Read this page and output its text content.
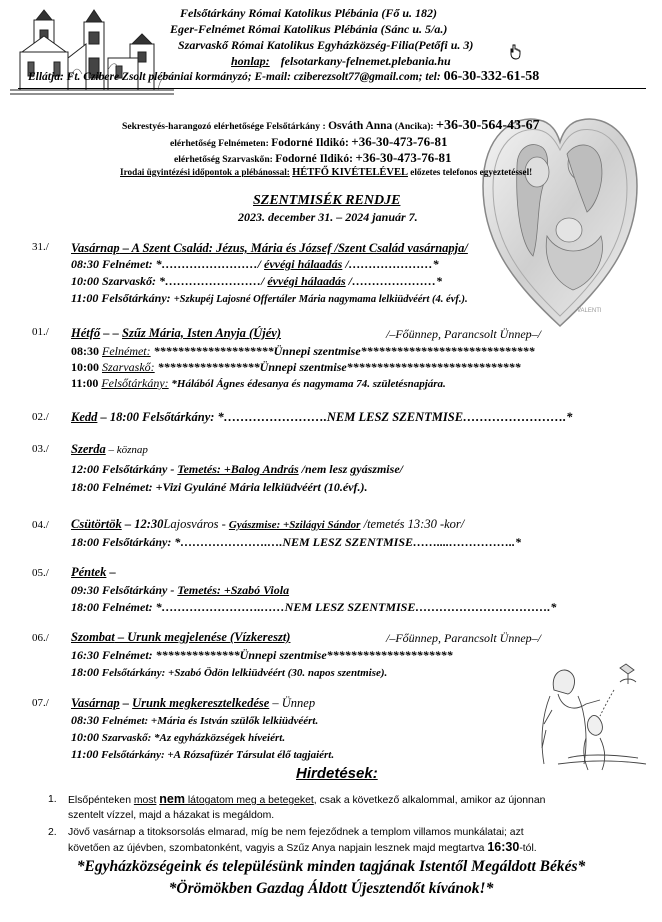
Felsőtárkány Római Katolikus Plébánia (Fő u. 182)
Eger-Felnémet Római Katolikus Plébánia (Sánc u. 5/a.)
Szarvaskő Római Katolikus Egyházközség-Filia(Petőfi u. 3)
honlap: felsotarkany-felnemet.plebania.hu
Ellátja: Ft. Czibere Zsolt plébániai kormányzó; E-mail: cziberezsolt77@gmail.com; tel: 06-30-332-61-58
VALENTI
Sekrestyés-harangozó elérhetősége Felsőtárkány : Osváth Anna (Ancika): +36-30-564-43-67
elérhetőség Felnémeten: Fodorné Ildikó: +36-30-473-76-81
elérhetőség Szarvaskőn: Fodorné Ildikó: +36-30-473-76-81
Irodai ügyintézési időpontok a plébánossal: HÉTFŐ KIVÉTELÉVEL előzetes telefonos egyeztetéssel!
SZENTMISÉK RENDJE
2023. december 31. – 2024 január 7.
31./ Vasárnap – A Szent Család: Jézus, Mária és József /Szent Család vasárnapja/
08:30 Felnémet: *……………………/ évvégi hálaadás /…………………*
10:00 Szarvaskő: *……………………/ évvégi hálaadás /…………………*
11:00 Felsőtárkány: +Szkupéj Lajosné Offertáler Mária nagymama lelkiüdvéért (4. évf.).
01./ Hétfő – – Szűz Mária, Isten Anyja (Újév)	/–Főünnep, Parancsolt Ünnep–/
08:30 Felnémet: ********************Ünnepi szentmise*****************************
10:00 Szarvaskő: *****************Ünnepi szentmise*****************************
11:00 Felsőtárkány: *Hálából Ágnes édesanya és nagymama 74. születésnapjára.
02./ Kedd – 18:00 Felsőtárkány: *…………………….NEM LESZ SZENTMISE…………………….*
03./ Szerda – köznap
12:00 Felsőtárkány - Temetés: +Balog András /nem lesz gyászmise/
18:00 Felnémet: +Vizi Gyuláné Mária lelkiüdvéért (10.évf.).
04./ Csütörtök – 12:30Lajosváros - Gyászmise: +Szilágyi Sándor /temetés 13:30 -kor/
18:00 Felsőtárkány: *………………….….NEM LESZ SZENTMISE……....……………..*
05./ Péntek –
09:30 Felsőtárkány - Temetés: +Szabó Viola
18:00 Felnémet: *…………………….……NEM LESZ SZENTMISE…………………………….*
06./ Szombat – Urunk megjelenése (Vízkereszt)	/–Főünnep, Parancsolt Ünnep–/
16:30 Felnémet: **************Ünnepi szentmise*********************
18:00 Felsőtárkány: +Szabó Ödön lelkiüdvéért (30. napos szentmise).
07./ Vasárnap – Urunk megkeresztelkedése – Ünnep
08:30 Felnémet: +Mária és István szülők lelkiüdvéért.
10:00 Szarvaskő: *Az egyházközségek híveiért.
11:00 Felsőtárkány: +A Rózsafüzér Társulat élő tagjaiért.
Hirdetések:
1. Elsőpénteken most nem látogatom meg a betegeket, csak a következő alkalommal, amikor az újonnan
szentelt vízzel, majd a házakat is megáldom.
2. Jövő vasárnap a titoksorsolás elmarad, míg be nem fejeződnek a templom villamos munkálatai; azt
követően az újévben, szombatonként, vagyis a Szűz Anya napjain lesznek majd megtartva 16:30-tól.
*Egyházközségeink és településünk minden tagjának Istentől Megáldott Békés*
*Örömökben Gazdag Áldott Újesztendőt kívánok!*
